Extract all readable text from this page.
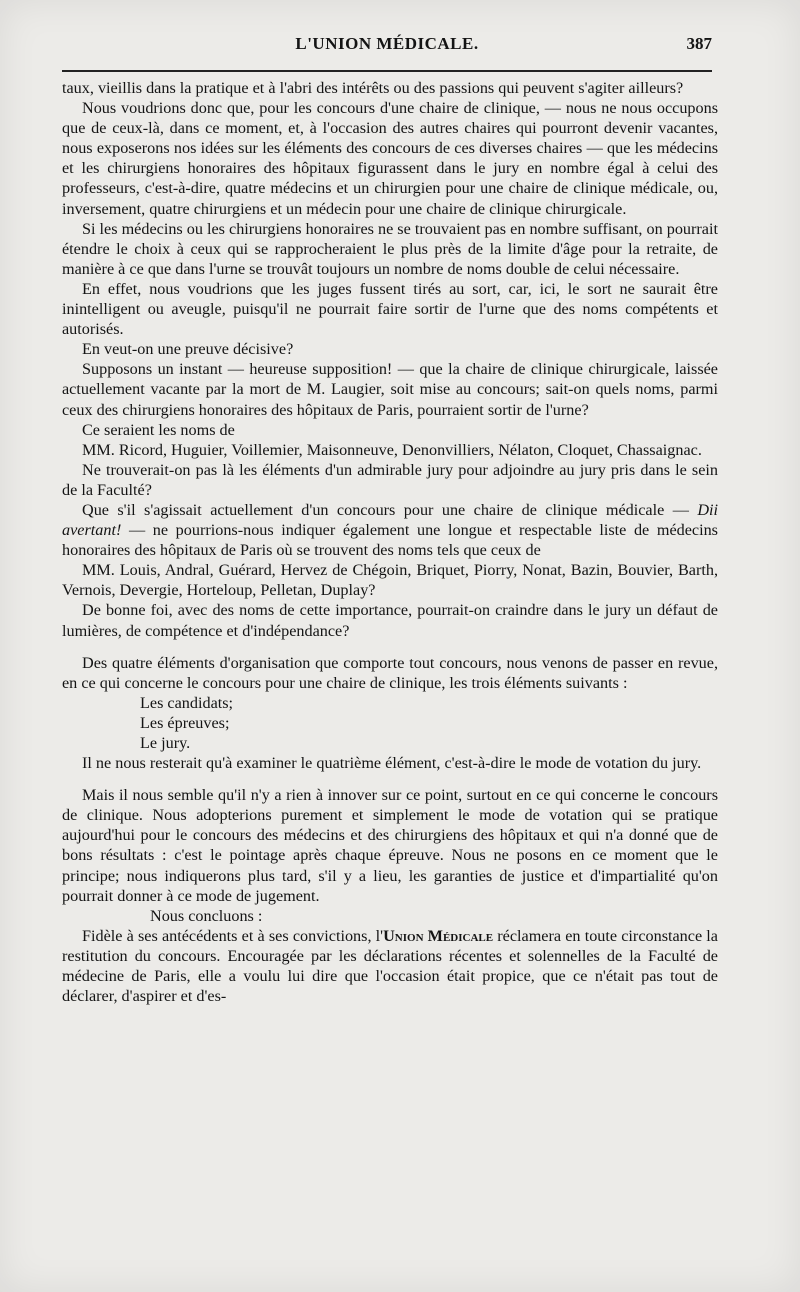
L'UNION MÉDICALE.	387

taux, vieillis dans la pratique et à l'abri des intérêts ou des passions qui peuvent s'agiter ailleurs?

Nous voudrions donc que, pour les concours d'une chaire de clinique, — nous ne nous occupons que de ceux-là, dans ce moment, et, à l'occasion des autres chaires qui pourront devenir vacantes, nous exposerons nos idées sur les éléments des concours de ces diverses chaires — que les médecins et les chirurgiens honoraires des hôpitaux figurassent dans le jury en nombre égal à celui des professeurs, c'est-à-dire, quatre médecins et un chirurgien pour une chaire de clinique médicale, ou, inversement, quatre chirurgiens et un médecin pour une chaire de clinique chirurgicale.

Si les médecins ou les chirurgiens honoraires ne se trouvaient pas en nombre suffisant, on pourrait étendre le choix à ceux qui se rapprocheraient le plus près de la limite d'âge pour la retraite, de manière à ce que dans l'urne se trouvât toujours un nombre de noms double de celui nécessaire.

En effet, nous voudrions que les juges fussent tirés au sort, car, ici, le sort ne saurait être inintelligent ou aveugle, puisqu'il ne pourrait faire sortir de l'urne que des noms compétents et autorisés.

En veut-on une preuve décisive?

Supposons un instant — heureuse supposition! — que la chaire de clinique chirurgicale, laissée actuellement vacante par la mort de M. Laugier, soit mise au concours; sait-on quels noms, parmi ceux des chirurgiens honoraires des hôpitaux de Paris, pourraient sortir de l'urne?

Ce seraient les noms de

MM. Ricord, Huguier, Voillemier, Maisonneuve, Denonvilliers, Nélaton, Cloquet, Chassaignac.

Ne trouverait-on pas là les éléments d'un admirable jury pour adjoindre au jury pris dans le sein de la Faculté?

Que s'il s'agissait actuellement d'un concours pour une chaire de clinique médicale — Dii avertant! — ne pourrions-nous indiquer également une longue et respectable liste de médecins honoraires des hôpitaux de Paris où se trouvent des noms tels que ceux de

MM. Louis, Andral, Guérard, Hervez de Chégoin, Briquet, Piorry, Nonat, Bazin, Bouvier, Barth, Vernois, Devergie, Horteloup, Pelletan, Duplay?

De bonne foi, avec des noms de cette importance, pourrait-on craindre dans le jury un défaut de lumières, de compétence et d'indépendance?

Des quatre éléments d'organisation que comporte tout concours, nous venons de passer en revue, en ce qui concerne le concours pour une chaire de clinique, les trois éléments suivants :

Les candidats;

Les épreuves;

Le jury.

Il ne nous resterait qu'à examiner le quatrième élément, c'est-à-dire le mode de votation du jury.

Mais il nous semble qu'il n'y a rien à innover sur ce point, surtout en ce qui concerne le concours de clinique. Nous adopterions purement et simplement le mode de votation qui se pratique aujourd'hui pour le concours des médecins et des chirurgiens des hôpitaux et qui n'a donné que de bons résultats : c'est le pointage après chaque épreuve. Nous ne posons en ce moment que le principe; nous indiquerons plus tard, s'il y a lieu, les garanties de justice et d'impartialité qu'on pourrait donner à ce mode de jugement.

Nous concluons :

Fidèle à ses antécédents et à ses convictions, l'Union Médicale réclamera en toute circonstance la restitution du concours. Encouragée par les déclarations récentes et solennelles de la Faculté de médecine de Paris, elle a voulu lui dire que l'occasion était propice, que ce n'était pas tout de déclarer, d'aspirer et d'es-
